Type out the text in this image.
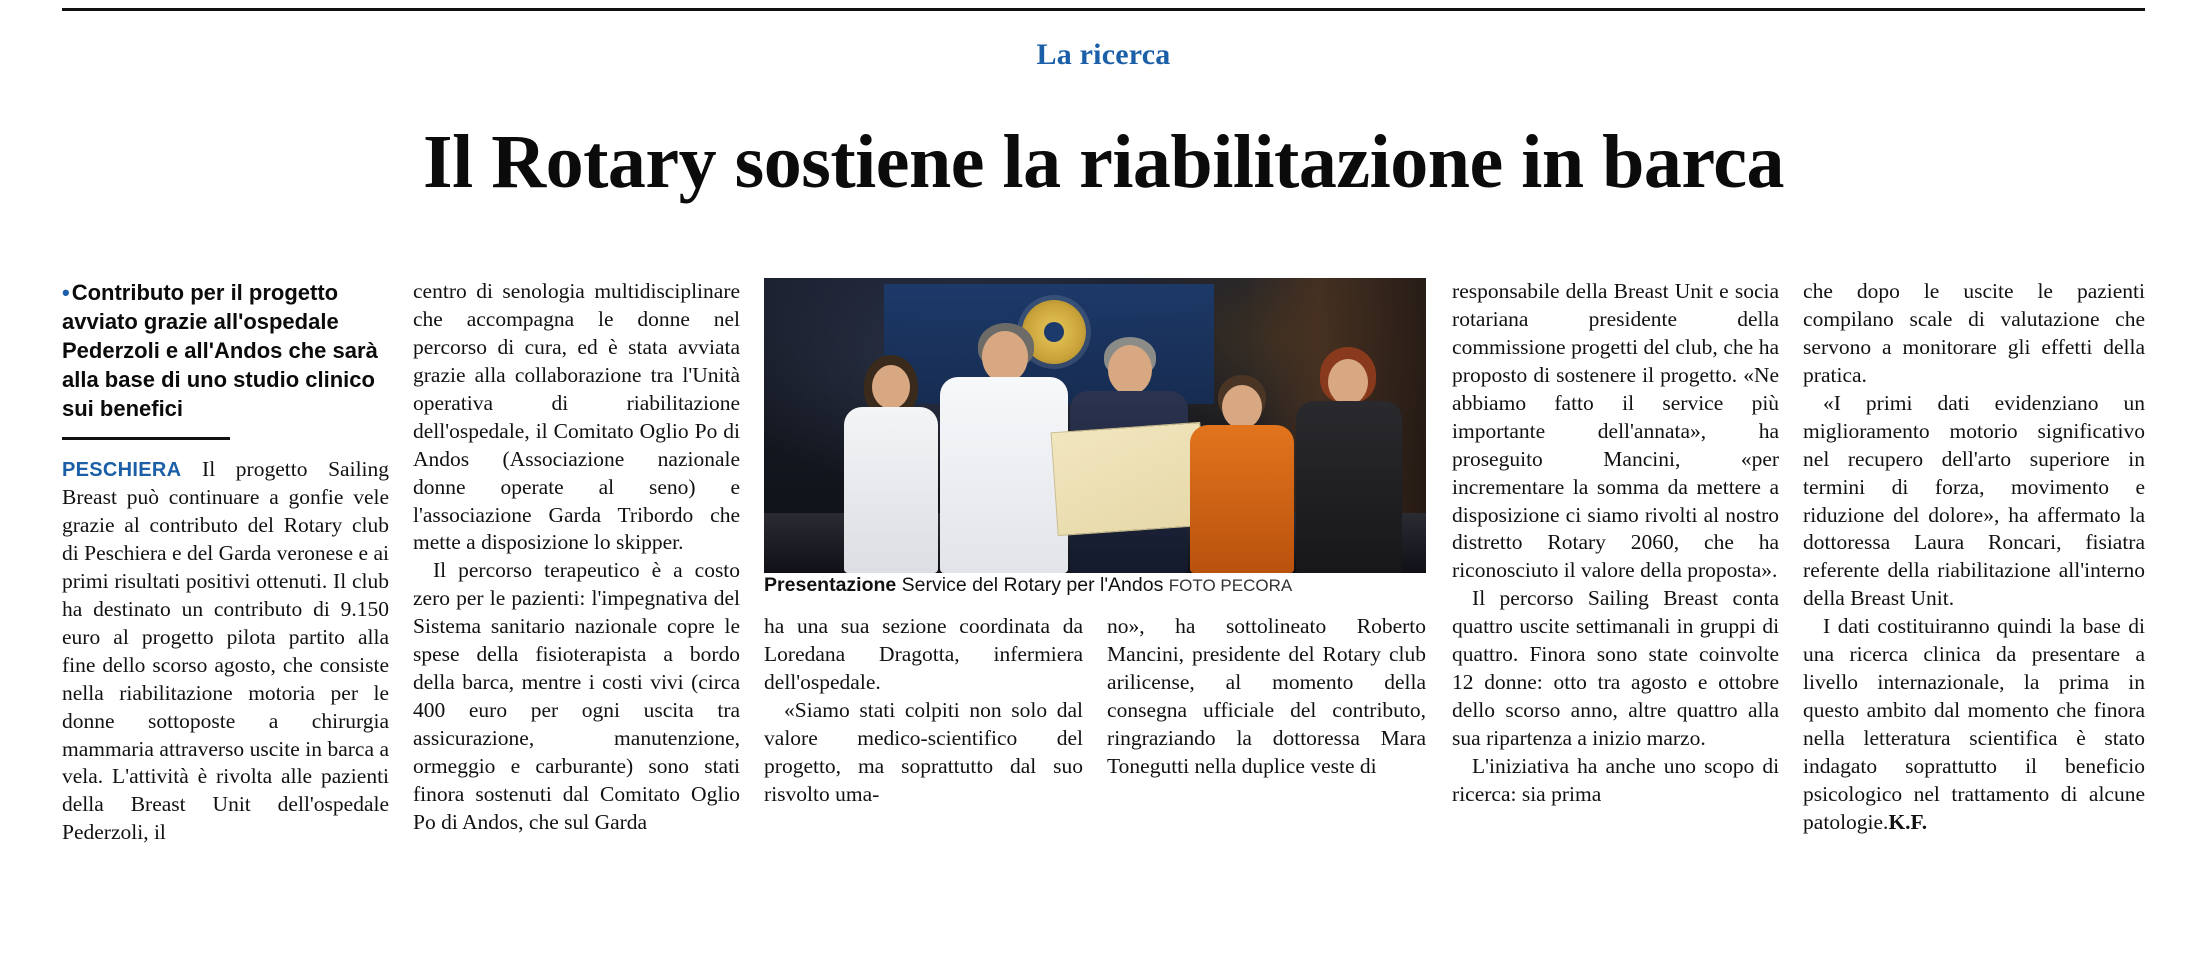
La ricerca
Il Rotary sostiene la riabilitazione in barca
•Contributo per il progetto avviato grazie all'ospedale Pederzoli e all'Andos che sarà alla base di uno studio clinico sui benefici

PESCHIERA Il progetto Sailing Breast può continuare a gonfie vele grazie al contributo del Rotary club di Peschiera e del Garda veronese e ai primi risultati positivi ottenuti. Il club ha destinato un contributo di 9.150 euro al progetto pilota partito alla fine dello scorso agosto, che consiste nella riabilitazione motoria per le donne sottoposte a chirurgia mammaria attraverso uscite in barca a vela. L'attività è rivolta alle pazienti della Breast Unit dell'ospedale Pederzoli, il

centro di senologia multidisciplinare che accompagna le donne nel percorso di cura, ed è stata avviata grazie alla collaborazione tra l'Unità operativa di riabilitazione dell'ospedale, il Comitato Oglio Po di Andos (Associazione nazionale donne operate al seno) e l'associazione Garda Tribordo che mette a disposizione lo skipper.

Il percorso terapeutico è a costo zero per le pazienti: l'impegnativa del Sistema sanitario nazionale copre le spese della fisioterapista a bordo della barca, mentre i costi vivi (circa 400 euro per ogni uscita tra assicurazione, manutenzione, ormeggio e carburante) sono stati finora sostenuti dal Comitato Oglio Po di Andos, che sul Garda

Presentazione Service del Rotary per l'Andos FOTO PECORA

ha una sua sezione coordinata da Loredana Dragotta, infermiera dell'ospedale.

«Siamo stati colpiti non solo dal valore medico-scientifico del progetto, ma soprattutto dal suo risvolto uma-

no», ha sottolineato Roberto Mancini, presidente del Rotary club arilicense, al momento della consegna ufficiale del contributo, ringraziando la dottoressa Mara Tonegutti nella duplice veste di

responsabile della Breast Unit e socia rotariana presidente della commissione progetti del club, che ha proposto di sostenere il progetto. «Ne abbiamo fatto il service più importante dell'annata», ha proseguito Mancini, «per incrementare la somma da mettere a disposizione ci siamo rivolti al nostro distretto Rotary 2060, che ha riconosciuto il valore della proposta».

Il percorso Sailing Breast conta quattro uscite settimanali in gruppi di quattro. Finora sono state coinvolte 12 donne: otto tra agosto e ottobre dello scorso anno, altre quattro alla sua ripartenza a inizio marzo.

L'iniziativa ha anche uno scopo di ricerca: sia prima

che dopo le uscite le pazienti compilano scale di valutazione che servono a monitorare gli effetti della pratica.

«I primi dati evidenziano un miglioramento motorio significativo nel recupero dell'arto superiore in termini di forza, movimento e riduzione del dolore», ha affermato la dottoressa Laura Roncari, fisiatra referente della riabilitazione all'interno della Breast Unit.

I dati costituiranno quindi la base di una ricerca clinica da presentare a livello internazionale, la prima in questo ambito dal momento che finora nella letteratura scientifica è stato indagato soprattutto il beneficio psicologico nel trattamento di alcune patologie.K.F.
